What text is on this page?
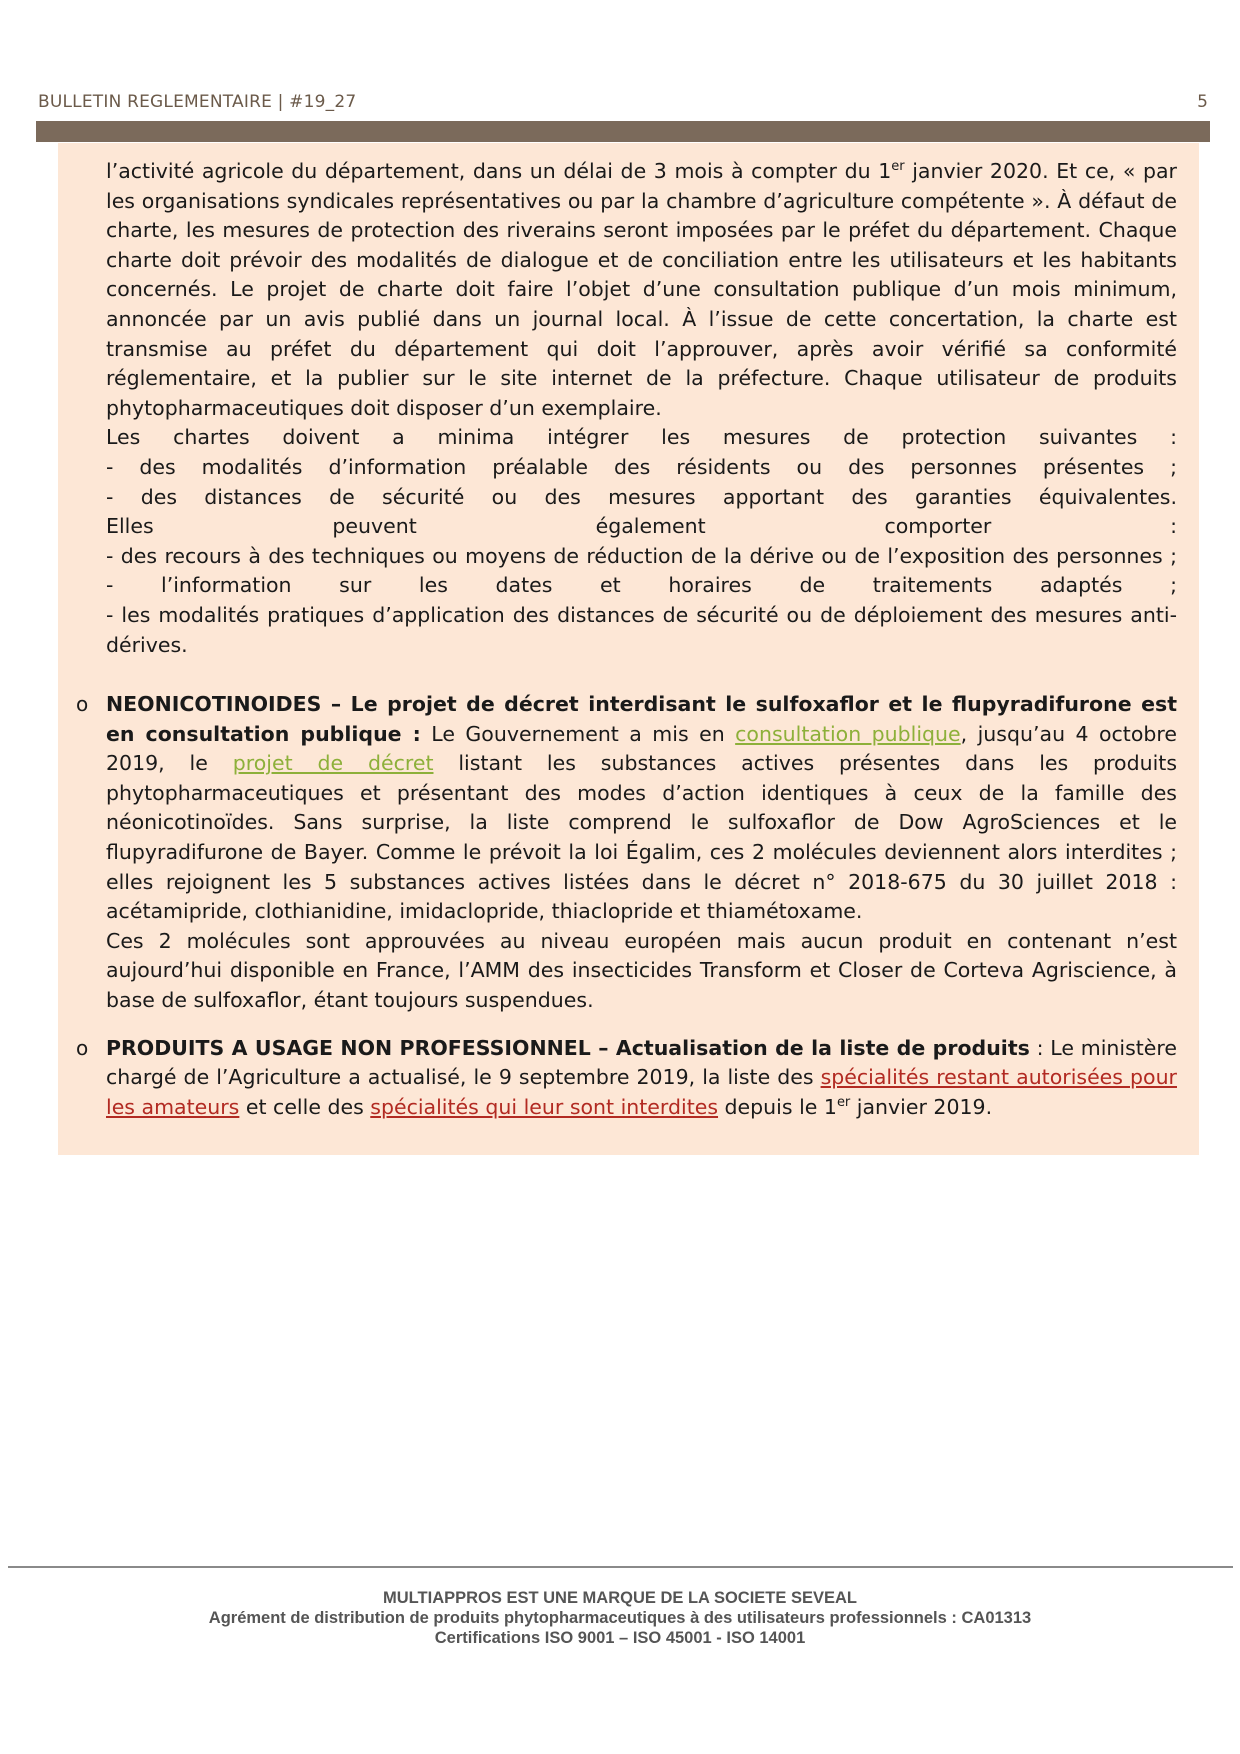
BULLETIN REGLEMENTAIRE | #19_27	5

l’activité agricole du département, dans un délai de 3 mois à compter du 1er janvier 2020. Et ce, « par les organisations syndicales représentatives ou par la chambre d’agriculture compétente ». À défaut de charte, les mesures de protection des riverains seront imposées par le préfet du département. Chaque charte doit prévoir des modalités de dialogue et de conciliation entre les utilisateurs et les habitants concernés. Le projet de charte doit faire l’objet d’une consultation publique d’un mois minimum, annoncée par un avis publié dans un journal local. À l’issue de cette concertation, la charte est transmise au préfet du département qui doit l’approuver, après avoir vérifié sa conformité réglementaire, et la publier sur le site internet de la préfecture. Chaque utilisateur de produits phytopharmaceutiques doit disposer d’un exemplaire.

Les chartes doivent a minima intégrer les mesures de protection suivantes :

- des modalités d’information préalable des résidents ou des personnes présentes ;

- des distances de sécurité ou des mesures apportant des garanties équivalentes.

Elles peuvent également comporter :

- des recours à des techniques ou moyens de réduction de la dérive ou de l’exposition des personnes ;

- l’information sur les dates et horaires de traitements adaptés ;

- les modalités pratiques d’application des distances de sécurité ou de déploiement des mesures anti-dérives.

o NEONICOTINOIDES – Le projet de décret interdisant le sulfoxaflor et le flupyradifurone est en consultation publique : Le Gouvernement a mis en consultation publique, jusqu’au 4 octobre 2019, le projet de décret listant les substances actives présentes dans les produits phytopharmaceutiques et présentant des modes d’action identiques à ceux de la famille des néonicotinoïdes. Sans surprise, la liste comprend le sulfoxaflor de Dow AgroSciences et le flupyradifurone de Bayer. Comme le prévoit la loi Égalim, ces 2 molécules deviennent alors interdites ; elles rejoignent les 5 substances actives listées dans le décret n° 2018-675 du 30 juillet 2018 : acétamipride, clothianidine, imidaclopride, thiaclopride et thiamétoxame.

Ces 2 molécules sont approuvées au niveau européen mais aucun produit en contenant n’est aujourd’hui disponible en France, l’AMM des insecticides Transform et Closer de Corteva Agriscience, à base de sulfoxaflor, étant toujours suspendues.

o PRODUITS A USAGE NON PROFESSIONNEL – Actualisation de la liste de produits : Le ministère chargé de l’Agriculture a actualisé, le 9 septembre 2019, la liste des spécialités restant autorisées pour les amateurs et celle des spécialités qui leur sont interdites depuis le 1er janvier 2019.

MULTIAPPROS EST UNE MARQUE DE LA SOCIETE SEVEAL
Agrément de distribution de produits phytopharmaceutiques à des utilisateurs professionnels : CA01313
Certifications ISO 9001 – ISO 45001 - ISO 14001
